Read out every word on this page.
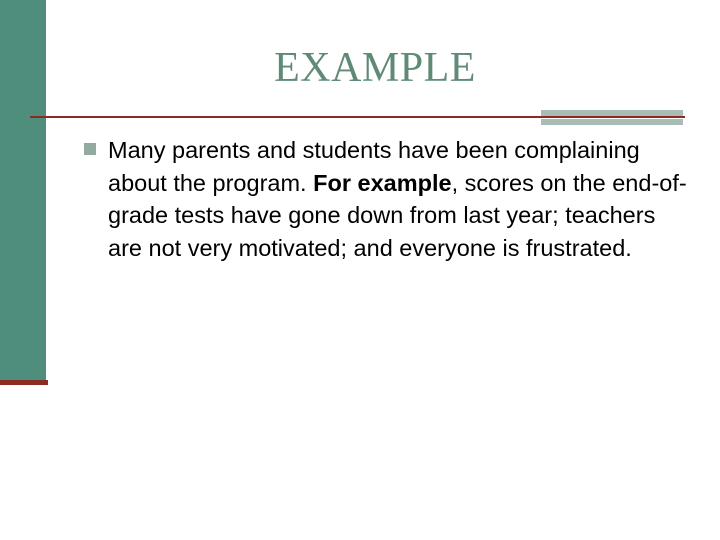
EXAMPLE

Many parents and students have been complaining about the program. For example, scores on the end-of-grade tests have gone down from last year; teachers are not very motivated; and everyone is frustrated.
